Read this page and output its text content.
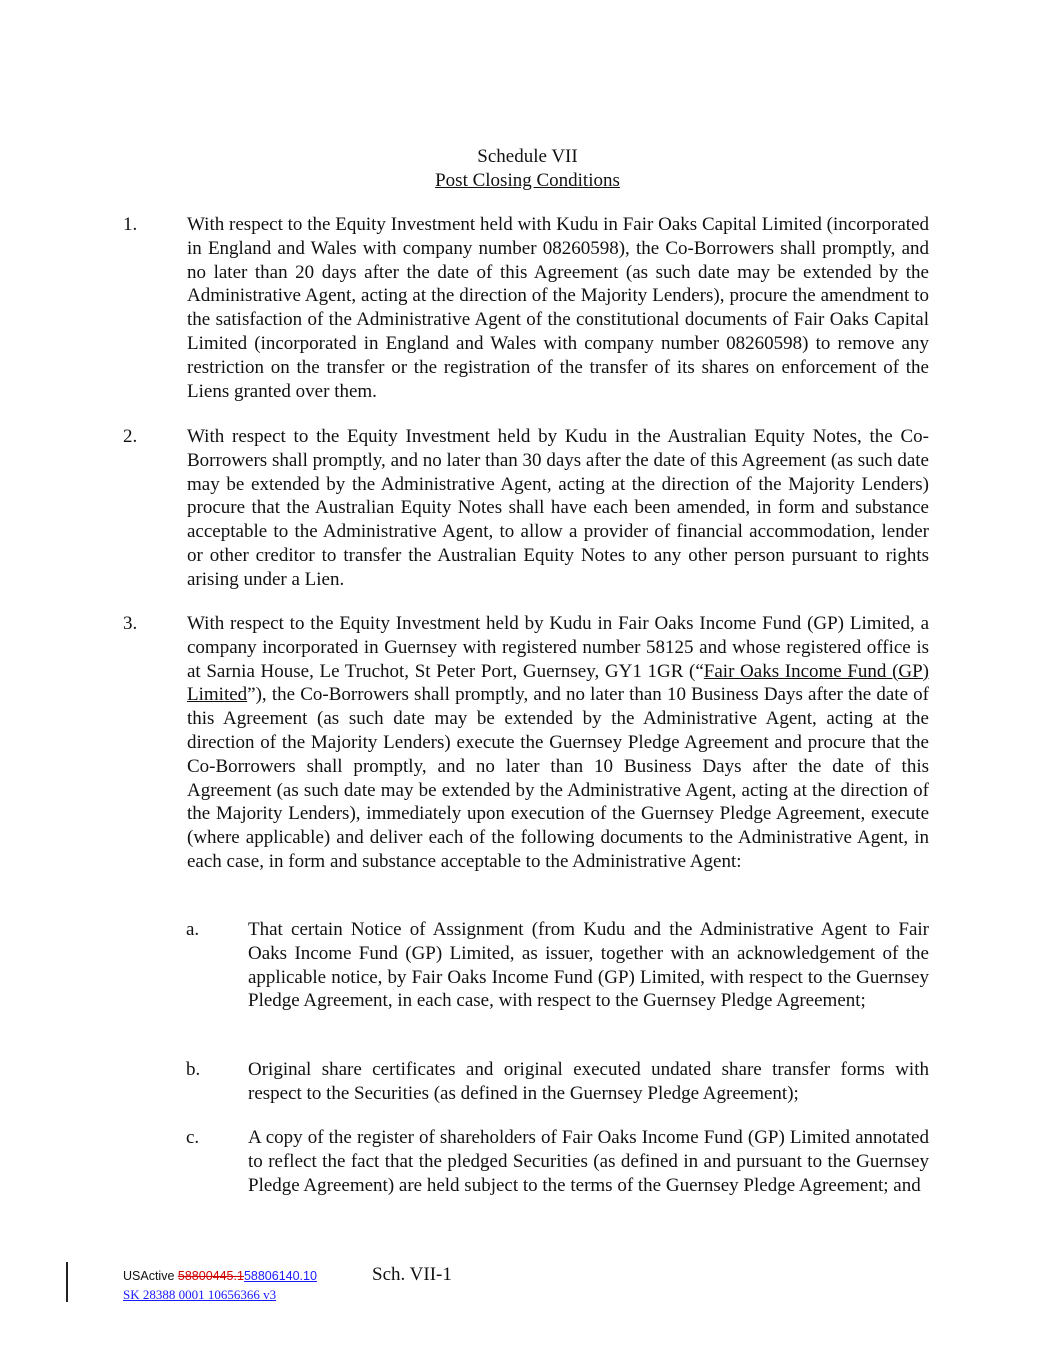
Schedule VII
Post Closing Conditions
1.	With respect to the Equity Investment held with Kudu in Fair Oaks Capital Limited (incorporated in England and Wales with company number 08260598), the Co-Borrowers shall promptly, and no later than 20 days after the date of this Agreement (as such date may be extended by the Administrative Agent, acting at the direction of the Majority Lenders), procure the amendment to the satisfaction of the Administrative Agent of the constitutional documents of Fair Oaks Capital Limited (incorporated in England and Wales with company number 08260598) to remove any restriction on the transfer or the registration of the transfer of its shares on enforcement of the Liens granted over them.
2.	With respect to the Equity Investment held by Kudu in the Australian Equity Notes, the Co- Borrowers shall promptly, and no later than 30 days after the date of this Agreement (as such date may be extended by the Administrative Agent, acting at the direction of the Majority Lenders) procure that the Australian Equity Notes shall have each been amended, in form and substance acceptable to the Administrative Agent, to allow a provider of financial accommodation, lender or other creditor to transfer the Australian Equity Notes to any other person pursuant to rights arising under a Lien.
3.	With respect to the Equity Investment held by Kudu in Fair Oaks Income Fund (GP) Limited, a company incorporated in Guernsey with registered number 58125 and whose registered office is at Sarnia House, Le Truchot, St Peter Port, Guernsey, GY1 1GR (“Fair Oaks Income Fund (GP) Limited”), the Co-Borrowers shall promptly, and no later than 10 Business Days after the date of this Agreement (as such date may be extended by the Administrative Agent, acting at the direction of the Majority Lenders) execute the Guernsey Pledge Agreement and procure that the Co-Borrowers shall promptly, and no later than 10 Business Days after the date of this Agreement (as such date may be extended by the Administrative Agent, acting at the direction of the Majority Lenders), immediately upon execution of the Guernsey Pledge Agreement, execute (where applicable) and deliver each of the following documents to the Administrative Agent, in each case, in form and substance acceptable to the Administrative Agent:
a.	That certain Notice of Assignment (from Kudu and the Administrative Agent to Fair Oaks Income Fund (GP) Limited, as issuer, together with an acknowledgement of the applicable notice, by Fair Oaks Income Fund (GP) Limited, with respect to the Guernsey Pledge Agreement, in each case, with respect to the Guernsey Pledge Agreement;
b.	Original share certificates and original executed undated share transfer forms with respect to the Securities (as defined in the Guernsey Pledge Agreement);
c.	A copy of the register of shareholders of Fair Oaks Income Fund (GP) Limited annotated to reflect the fact that the pledged Securities (as defined in and pursuant to the Guernsey Pledge Agreement) are held subject to the terms of the Guernsey Pledge Agreement; and
USActive 58800445.158806140.10	Sch. VII-1
SK 28388 0001 10656366 v3
